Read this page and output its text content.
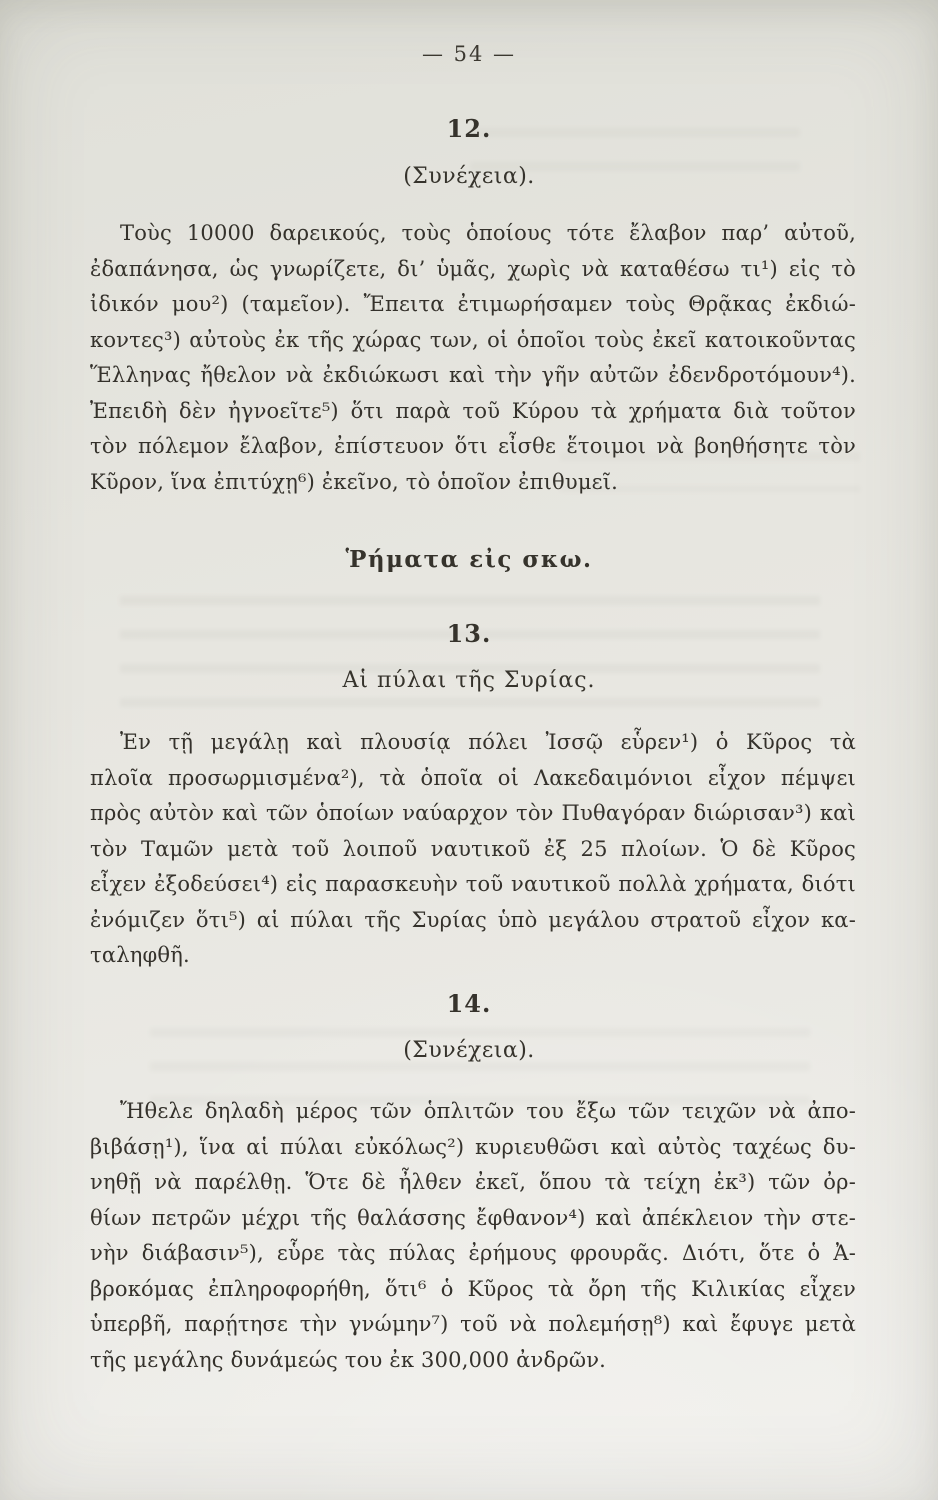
— 54 —
12.
(Συνέχεια).
Τοὺς 10000 δαρεικούς, τοὺς ὁποίους τότε ἔλαβον παρ’ αὐτοῦ,
ἐδαπάνησα, ὡς γνωρίζετε, δι’ ὑμᾶς, χωρὶς νὰ καταθέσω τι¹) εἰς τὸ
ἰδικόν μου²) (ταμεῖον). Ἔπειτα ἐτιμωρήσαμεν τοὺς Θρᾷκας ἐκδιώ-
κοντες³) αὐτοὺς ἐκ τῆς χώρας των, οἱ ὁποῖοι τοὺς ἐκεῖ κατοικοῦντας
Ἕλληνας ἤθελον νὰ ἐκδιώκωσι καὶ τὴν γῆν αὐτῶν ἐδενδροτόμουν⁴).
Ἐπειδὴ δὲν ἠγνοεῖτε⁵) ὅτι παρὰ τοῦ Κύρου τὰ χρήματα διὰ τοῦτον
τὸν πόλεμον ἔλαβον, ἐπίστευον ὅτι εἶσθε ἕτοιμοι νὰ βοηθήσητε τὸν
Κῦρον, ἵνα ἐπιτύχῃ⁶) ἐκεῖνο, τὸ ὁποῖον ἐπιθυμεῖ.
Ῥήματα εἰς σκω.
13.
Αἱ πύλαι τῆς Συρίας.
Ἐν τῇ μεγάλῃ καὶ πλουσίᾳ πόλει Ἰσσῷ εὗρεν¹) ὁ Κῦρος τὰ
πλοῖα προσωρμισμένα²), τὰ ὁποῖα οἱ Λακεδαιμόνιοι εἶχον πέμψει
πρὸς αὐτὸν καὶ τῶν ὁποίων ναύαρχον τὸν Πυθαγόραν διώρισαν³) καὶ
τὸν Ταμῶν μετὰ τοῦ λοιποῦ ναυτικοῦ ἐξ 25 πλοίων. Ὁ δὲ Κῦρος
εἶχεν ἐξοδεύσει⁴) εἰς παρασκευὴν τοῦ ναυτικοῦ πολλὰ χρήματα, διότι
ἐνόμιζεν ὅτι⁵) αἱ πύλαι τῆς Συρίας ὑπὸ μεγάλου στρατοῦ εἶχον κα-
ταληφθῆ.
14.
(Συνέχεια).
Ἤθελε δηλαδὴ μέρος τῶν ὁπλιτῶν του ἔξω τῶν τειχῶν νὰ ἀπο-
βιβάσῃ¹), ἵνα αἱ πύλαι εὐκόλως²) κυριευθῶσι καὶ αὐτὸς ταχέως δυ-
νηθῇ νὰ παρέλθῃ. Ὅτε δὲ ἦλθεν ἐκεῖ, ὅπου τὰ τείχη ἐκ³) τῶν ὀρ-
θίων πετρῶν μέχρι τῆς θαλάσσης ἔφθανον⁴) καὶ ἀπέκλειον τὴν στε-
νὴν διάβασιν⁵), εὗρε τὰς πύλας ἐρήμους φρουρᾶς. Διότι, ὅτε ὁ Ἀ-
βροκόμας ἐπληροφορήθη, ὅτι⁶ ὁ Κῦρος τὰ ὄρη τῆς Κιλικίας εἶχεν
ὑπερβῆ, παρῄτησε τὴν γνώμην⁷) τοῦ νὰ πολεμήσῃ⁸) καὶ ἔφυγε μετὰ
τῆς μεγάλης δυνάμεώς του ἐκ 300,000 ἀνδρῶν.
